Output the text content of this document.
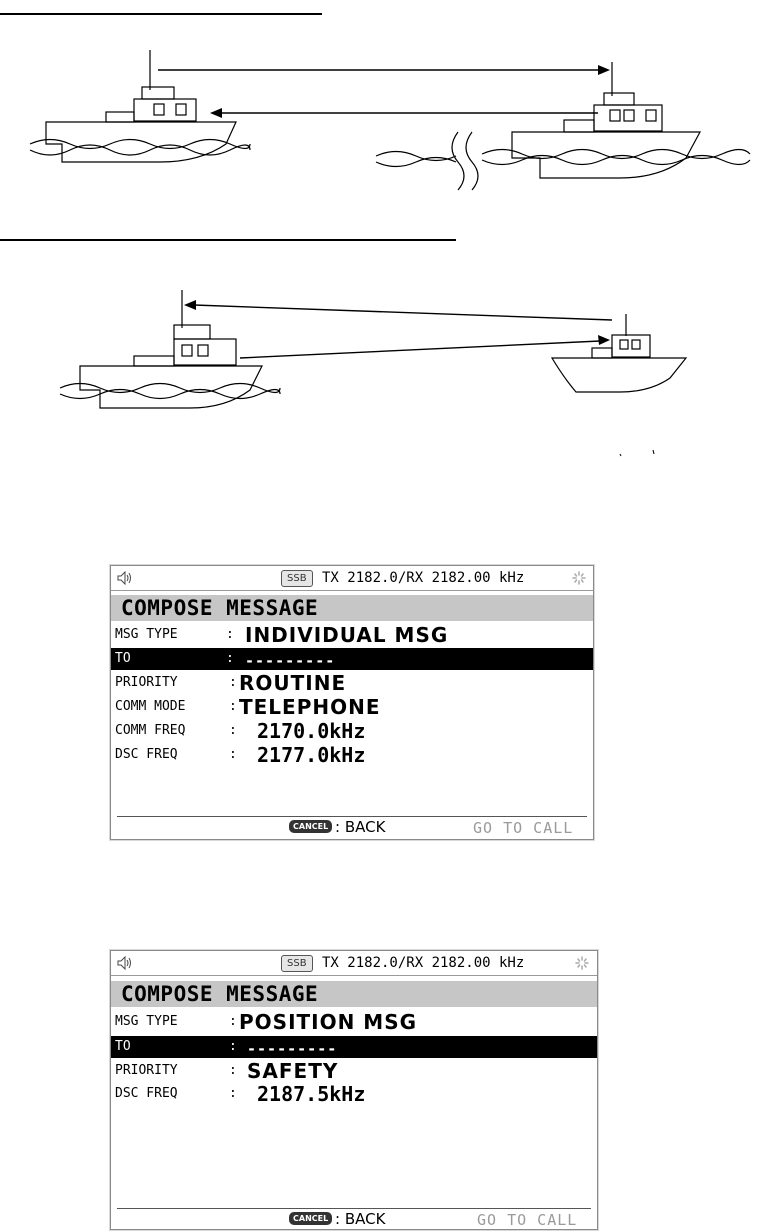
SSB	TX 2182.0/RX 2182.00 kHz
COMPOSE MESSAGE
MSG TYPE	: INDIVIDUAL MSG
TO	: ---------
PRIORITY	: ROUTINE
COMM MODE	: TELEPHONE
COMM FREQ	: 2170.0kHz
DSC FREQ	: 2177.0kHz
CANCEL : BACK	GO TO CALL
SSB	TX 2182.0/RX 2182.00 kHz
COMPOSE MESSAGE
MSG TYPE	: POSITION MSG
TO	: ---------
PRIORITY	: SAFETY
DSC FREQ	: 2187.5kHz
CANCEL : BACK	GO TO CALL
